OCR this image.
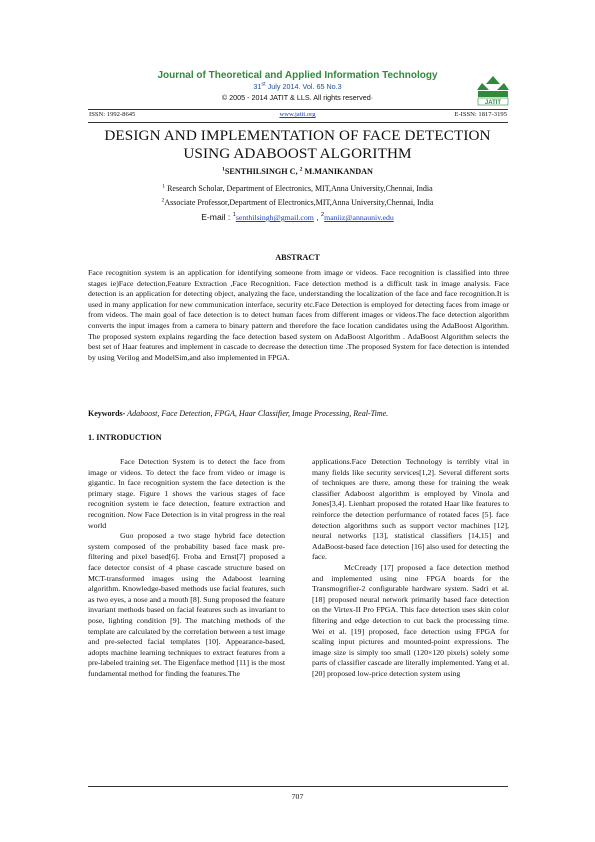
Journal of Theoretical and Applied Information Technology
31st July 2014. Vol. 65 No.3
© 2005 - 2014 JATIT & LLS. All rights reserved·
JATIT
ISSN: 1992-8645	www.jatit.org	E-ISSN: 1817-3195
DESIGN AND IMPLEMENTATION OF FACE DETECTION
USING ADABOOST ALGORITHM
$^1$SENTHILSINGH C, $^2$ M.MANIKANDAN
$^1$ Research Scholar, Department of Electronics, MIT,Anna University,Chennai, India
$^2$Associate Professor,Department of Electronics,MIT,Anna University,Chennai, India
E-mail : $^1$senthilsingh@gmail.com , $^2$maniiz@annauniv.edu
ABSTRACT
Face recognition system is an application for identifying someone from image or videos. Face recognition is classified into three stages ie)Face detection,Feature Extraction ,Face Recognition. Face detection method is a difficult task in image analysis. Face detection is an application for detecting object, analyzing the face, understanding the localization of the face and face recognition.It is used in many application for new communication interface, security etc.Face Detection is employed for detecting faces from image or from videos. The main goal of face detection is to detect human faces from different images or videos.The face detection algorithm converts the input images from a camera to binary pattern and therefore the face location candidates using the AdaBoost Algorithm. The proposed system explains regarding the face detection based system on AdaBoost Algorithm . AdaBoost Algorithm selects the best set of Haar features and implement in cascade to decrease the detection time .The proposed System for face detection is intended by using Verilog and ModelSim,and also implemented in FPGA.
Keywords- Adaboost, Face Detection, FPGA, Haar Classifier, Image Processing, Real-Time.
1. INTRODUCTION

Face Detection System is to detect the face from image or videos. To detect the face from video or image is gigantic. In face recognition system the face detection is the primary stage. Figure 1 shows the various stages of face recognition system ie face detection, feature extraction and recognition. Now Face Detection is in vital progress in the real world

Guo proposed a two stage hybrid face detection system composed of the probability based face mask pre-filtering and pixel based[6]. Froba and Ernst[7] proposed a face detector consist of 4 phase cascade structure based on MCT-transformed images using the Adaboost learning algorithm. Knowledge-based methods use facial features, such as two eyes, a nose and a mouth [8]. Sung proposed the feature invariant methods based on facial features such as invariant to pose, lighting condition [9]. The matching methods of the template are calculated by the correlation between a test image and pre-selected facial templates [10]. Appearance-based, adopts machine learning techniques to extract features from a pre-labeled training set. The Eigenface method [11] is the most fundamental method for finding the features.The

applications.Face Detection Technology is terribly vital in many fields like security services[1,2]. Several different sorts of techniques are there, among these for training the weak classifier Adaboost algorithm is employed by Vinola and Jones[3,4]. Lienhart proposed the rotated Haar like features to reinforce the detection performance of rotated faces [5]. face detection algorithms such as support vector machines [12], neural networks [13], statistical classifiers [14,15] and AdaBoost-based face detection [16] also used for detecting the face.

McCready [17] proposed a face detection method and implemented using nine FPGA boards for the Transmogrifier-2 configurable hardware system. Sadri et al. [18] proposed neural network primarily based face detection on the Virtex-II Pro FPGA. This face detection uses skin color filtering and edge detection to cut back the processing time. Wei et al. [19] proposed, face detection using FPGA for scaling input pictures and mounted-point expressions. The image size is simply too small (120×120 pixels) solely some parts of classifier cascade are literally implemented. Yang et al. [20] proposed low-price detection system using

707
